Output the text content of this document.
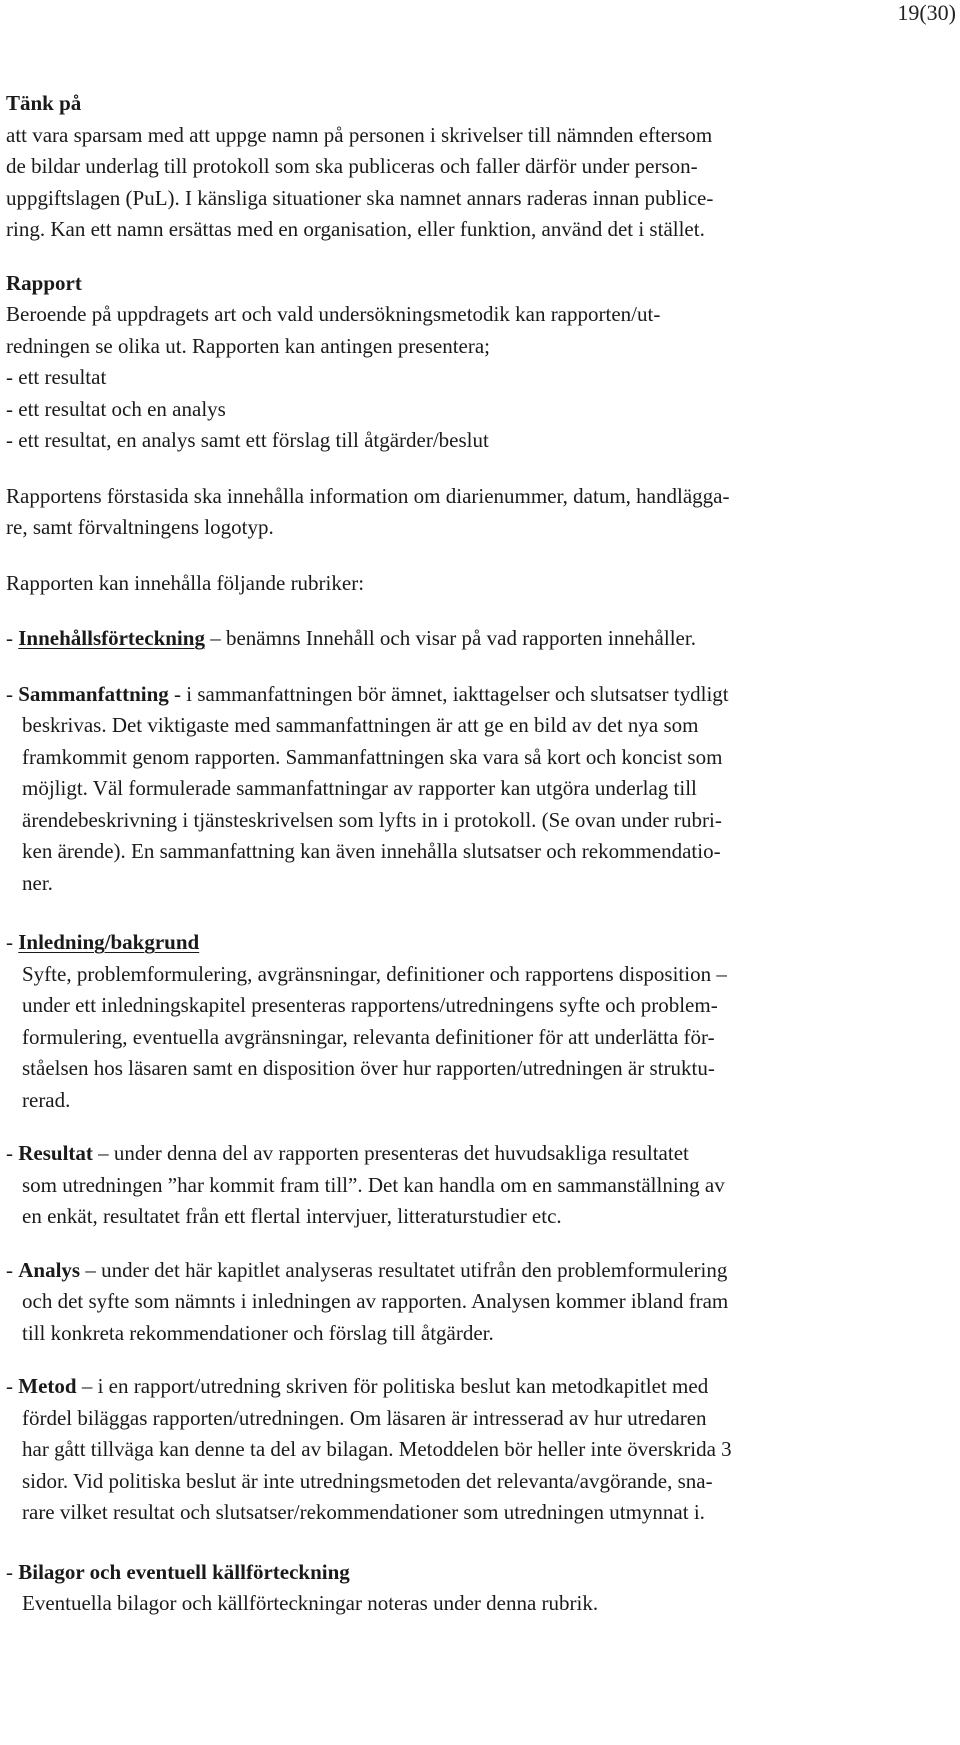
19(30)
Tänk på
att vara sparsam med att uppge namn på personen i skrivelser till nämnden eftersom
de bildar underlag till protokoll som ska publiceras och faller därför under person-
uppgiftslagen (PuL). I känsliga situationer ska namnet annars raderas innan publice-
ring. Kan ett namn ersättas med en organisation, eller funktion, använd det i stället.
Rapport
Beroende på uppdragets art och vald undersökningsmetodik kan rapporten/ut-
redningen se olika ut. Rapporten kan antingen presentera;
- ett resultat
- ett resultat och en analys
- ett resultat, en analys samt ett förslag till åtgärder/beslut
Rapportens förstasida ska innehålla information om diarienummer, datum, handlägga-
re, samt förvaltningens logotyp.
Rapporten kan innehålla följande rubriker:
- Innehållsförteckning – benämns Innehåll och visar på vad rapporten innehåller.
- Sammanfattning - i sammanfattningen bör ämnet, iakttagelser och slutsatser tydligt
beskrivas. Det viktigaste med sammanfattningen är att ge en bild av det nya som
framkommit genom rapporten. Sammanfattningen ska vara så kort och koncist som
möjligt. Väl formulerade sammanfattningar av rapporter kan utgöra underlag till
ärendebeskrivning i tjänsteskrivelsen som lyfts in i protokoll. (Se ovan under rubri-
ken ärende). En sammanfattning kan även innehålla slutsatser och rekommendatio-
ner.
- Inledning/bakgrund
Syfte, problemformulering, avgränsningar, definitioner och rapportens disposition –
under ett inledningskapitel presenteras rapportens/utredningens syfte och problem-
formulering, eventuella avgränsningar, relevanta definitioner för att underlätta för-
ståelsen hos läsaren samt en disposition över hur rapporten/utredningen är struktu-
rerad.
- Resultat – under denna del av rapporten presenteras det huvudsakliga resultatet
som utredningen ”har kommit fram till”. Det kan handla om en sammanställning av
en enkät, resultatet från ett flertal intervjuer, litteraturstudier etc.
- Analys – under det här kapitlet analyseras resultatet utifrån den problemformulering
och det syfte som nämnts i inledningen av rapporten. Analysen kommer ibland fram
till konkreta rekommendationer och förslag till åtgärder.
- Metod – i en rapport/utredning skriven för politiska beslut kan metodkapitlet med
fördel biläggas rapporten/utredningen. Om läsaren är intresserad av hur utredaren
har gått tillväga kan denne ta del av bilagan. Metoddelen bör heller inte överskrida 3
sidor. Vid politiska beslut är inte utredningsmetoden det relevanta/avgörande, sna-
rare vilket resultat och slutsatser/rekommendationer som utredningen utmynnat i.
- Bilagor och eventuell källförteckning
Eventuella bilagor och källförteckningar noteras under denna rubrik.
